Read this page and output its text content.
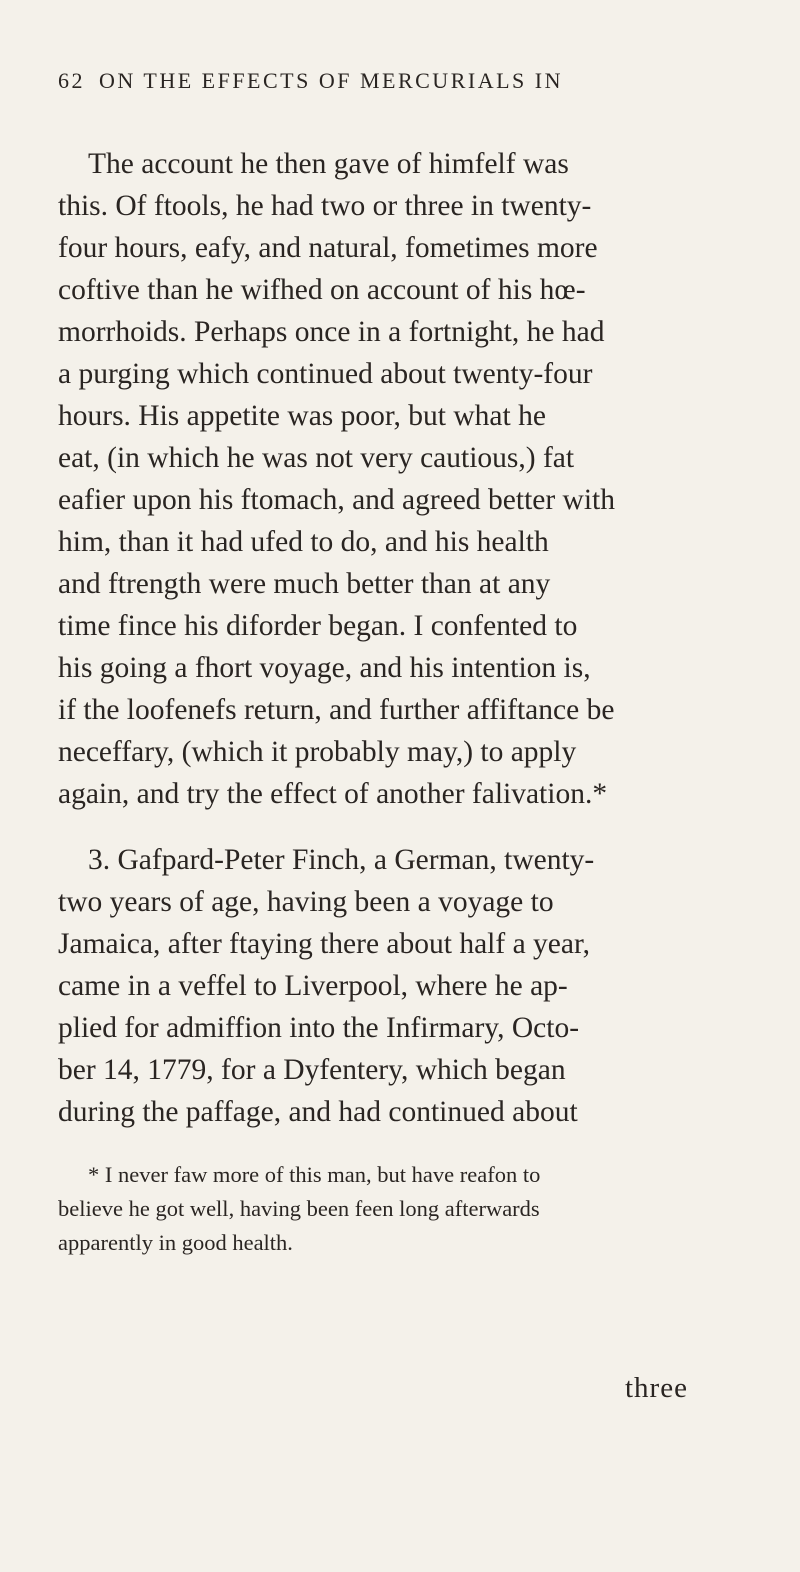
62 ON THE EFFECTS OF MERCURIALS IN
The account he then gave of himfelf was
this. Of ftools, he had two or three in twenty-
four hours, eafy, and natural, fometimes more
coftive than he wifhed on account of his hœ-
morrhoids. Perhaps once in a fortnight, he had
a purging which continued about twenty-four
hours. His appetite was poor, but what he
eat, (in which he was not very cautious,) fat
eafier upon his ftomach, and agreed better with
him, than it had ufed to do, and his health
and ftrength were much better than at any
time fince his diforder began. I confented to
his going a fhort voyage, and his intention is,
if the loofenefs return, and further affiftance be
neceffary, (which it probably may,) to apply
again, and try the effect of another falivation.*
3. Gafpard-Peter Finch, a German, twenty-
two years of age, having been a voyage to
Jamaica, after ftaying there about half a year,
came in a veffel to Liverpool, where he ap-
plied for admiffion into the Infirmary, Octo-
ber 14, 1779, for a Dyfentery, which began
during the paffage, and had continued about
* I never faw more of this man, but have reafon to
believe he got well, having been feen long afterwards
apparently in good health.
three
